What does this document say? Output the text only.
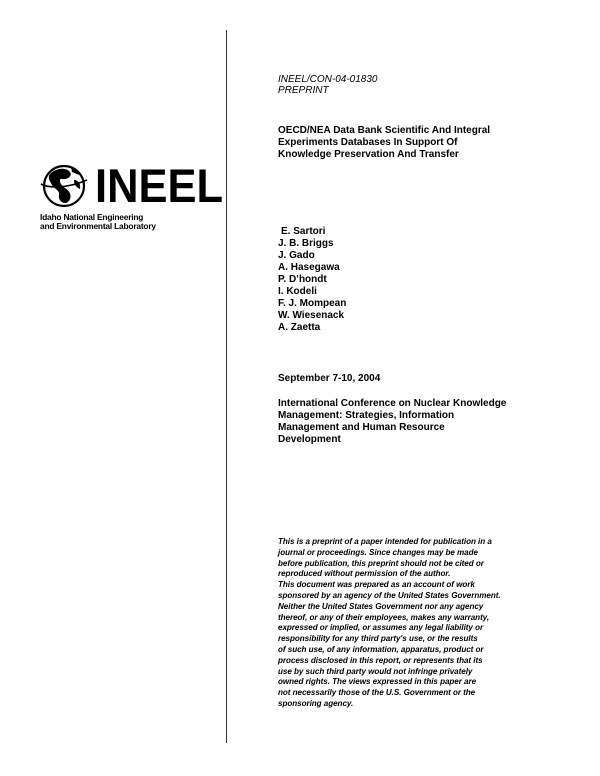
INEEL
Idaho National Engineering
and Environmental Laboratory
INEEL/CON-04-01830
PREPRINT
OECD/NEA Data Bank Scientific And Integral
Experiments Databases In Support Of
Knowledge Preservation And Transfer
E. Sartori
J. B. Briggs
J. Gado
A. Hasegawa
P. D’hondt
I. Kodeli
F. J. Mompean
W. Wiesenack
A. Zaetta
September 7-10, 2004
International Conference on Nuclear Knowledge
Management: Strategies, Information
Management and Human Resource
Development
This is a preprint of a paper intended for publication in a
journal or proceedings. Since changes may be made
before publication, this preprint should not be cited or
reproduced without permission of the author.
This document was prepared as an account of work
sponsored by an agency of the United States Government.
Neither the United States Government nor any agency
thereof, or any of their employees, makes any warranty,
expressed or implied, or assumes any legal liability or
responsibility for any third party's use, or the results
of such use, of any information, apparatus, product or
process disclosed in this report, or represents that its
use by such third party would not infringe privately
owned rights. The views expressed in this paper are
not necessarily those of the U.S. Government or the
sponsoring agency.
